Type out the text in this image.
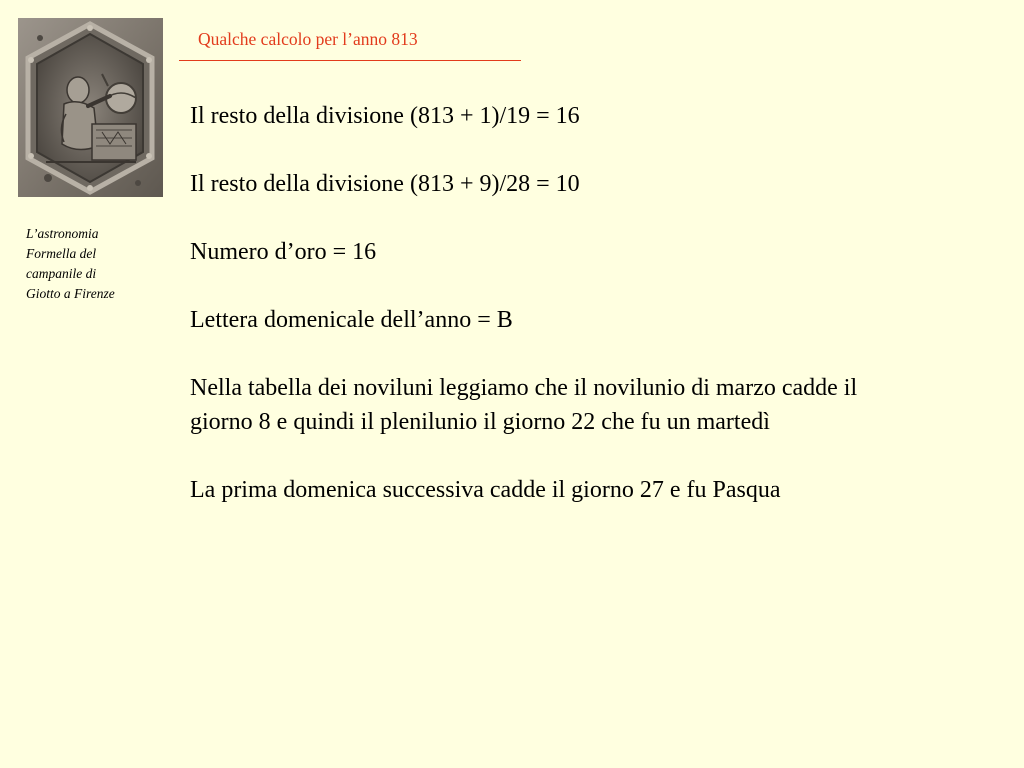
L’astronomia
Formella del
campanile di
Giotto a Firenze
Qualche calcolo per l’anno 813

Il resto della divisione (813 + 1)/19 = 16

Il resto della divisione (813 + 9)/28 = 10

Numero d’oro = 16

Lettera domenicale dell’anno = B

Nella tabella dei noviluni leggiamo che il novilunio di marzo cadde il giorno 8 e quindi il plenilunio il giorno 22 che fu un martedì

La prima domenica successiva cadde il giorno 27 e fu Pasqua
